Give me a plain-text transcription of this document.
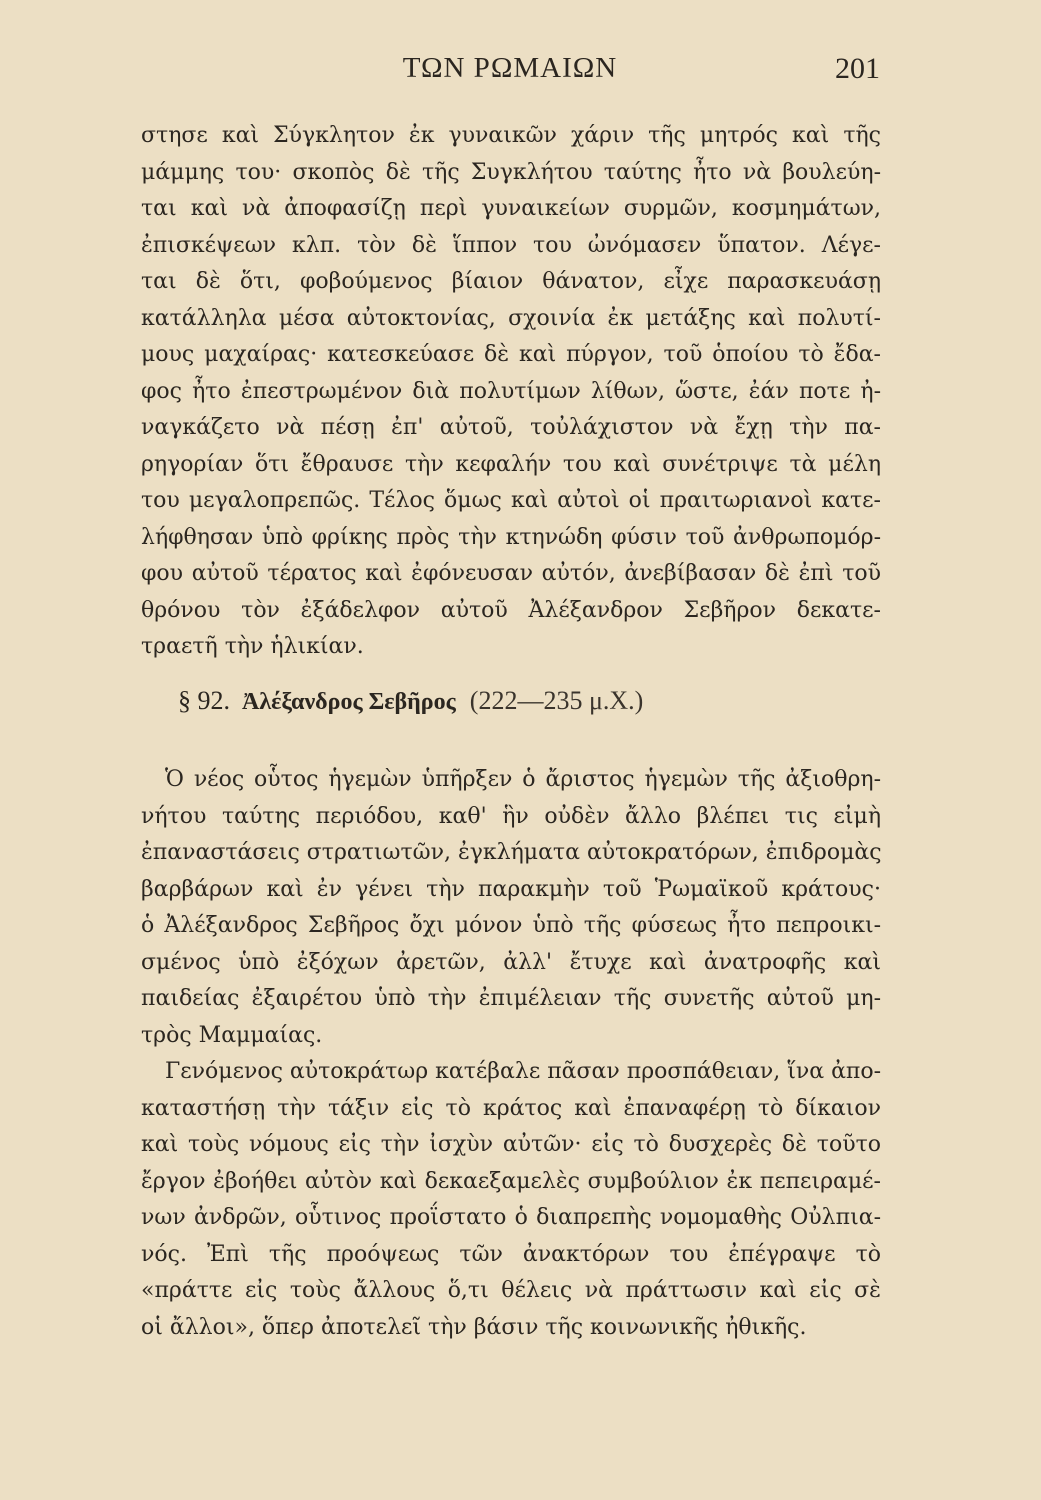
ΤΩΝ ΡΩΜΑΙΩΝ	201
στησε καὶ Σύγκλητον ἐκ γυναικῶν χάριν τῆς μητρός καὶ τῆς
μάμμης του· σκοπὸς δὲ τῆς Συγκλήτου ταύτης ἦτο νὰ βουλεύη-
ται καὶ νὰ ἀποφασίζῃ περὶ γυναικείων συρμῶν, κοσμημάτων,
ἐπισκέψεων κλπ. τὸν δὲ ἵππον του ὠνόμασεν ὕπατον. Λέγε-
ται δὲ ὅτι, φοβούμενος βίαιον θάνατον, εἶχε παρασκευάσῃ
κατάλληλα μέσα αὐτοκτονίας, σχοινία ἐκ μετάξης καὶ πολυτί-
μους μαχαίρας· κατεσκεύασε δὲ καὶ πύργον, τοῦ ὁποίου τὸ ἔδα-
φος ἦτο ἐπεστρωμένον διὰ πολυτίμων λίθων, ὥστε, ἐάν ποτε ἠ-
ναγκάζετο νὰ πέσῃ ἐπ' αὐτοῦ, τοὐλάχιστον νὰ ἔχῃ τὴν πα-
ρηγορίαν ὅτι ἔθραυσε τὴν κεφαλήν του καὶ συνέτριψε τὰ μέλη
του μεγαλοπρεπῶς. Τέλος ὅμως καὶ αὐτοὶ οἱ πραιτωριανοὶ κατε-
λήφθησαν ὑπὸ φρίκης πρὸς τὴν κτηνώδη φύσιν τοῦ ἀνθρωπομόρ-
φου αὐτοῦ τέρατος καὶ ἐφόνευσαν αὐτόν, ἀνεβίβασαν δὲ ἐπὶ τοῦ
θρόνου τὸν ἐξάδελφον αὐτοῦ Ἀλέξανδρον Σεβῆρον δεκατε-
τραετῆ τὴν ἡλικίαν.
§ 92. Ἀλέξανδρος Σεβῆρος (222—235 μ.Χ.)
Ὁ νέος οὗτος ἡγεμὼν ὑπῆρξεν ὁ ἄριστος ἡγεμὼν τῆς ἀξιοθρη-
νήτου ταύτης περιόδου, καθ' ἣν οὐδὲν ἄλλο βλέπει τις εἰμὴ
ἐπαναστάσεις στρατιωτῶν, ἐγκλήματα αὐτοκρατόρων, ἐπιδρομὰς
βαρβάρων καὶ ἐν γένει τὴν παρακμὴν τοῦ Ῥωμαϊκοῦ κράτους·
ὁ Ἀλέξανδρος Σεβῆρος ὄχι μόνον ὑπὸ τῆς φύσεως ἦτο πεπροικι-
σμένος ὑπὸ ἐξόχων ἀρετῶν, ἀλλ' ἔτυχε καὶ ἀνατροφῆς καὶ
παιδείας ἐξαιρέτου ὑπὸ τὴν ἐπιμέλειαν τῆς συνετῆς αὐτοῦ μη-
τρὸς Μαμμαίας.
Γενόμενος αὐτοκράτωρ κατέβαλε πᾶσαν προσπάθειαν, ἵνα ἀπο-
καταστήσῃ τὴν τάξιν εἰς τὸ κράτος καὶ ἐπαναφέρῃ τὸ δίκαιον
καὶ τοὺς νόμους εἰς τὴν ἰσχὺν αὐτῶν· εἰς τὸ δυσχερὲς δὲ τοῦτο
ἔργον ἐβοήθει αὐτὸν καὶ δεκαεξαμελὲς συμβούλιον ἐκ πεπειραμέ-
νων ἀνδρῶν, οὗτινος προΐστατο ὁ διαπρεπὴς νομομαθὴς Οὐλπια-
νός. Ἐπὶ τῆς προόψεως τῶν ἀνακτόρων του ἐπέγραψε τὸ
«πράττε εἰς τοὺς ἄλλους ὅ,τι θέλεις νὰ πράττωσιν καὶ εἰς σὲ
οἱ ἄλλοι», ὅπερ ἀποτελεῖ τὴν βάσιν τῆς κοινωνικῆς ἠθικῆς.
